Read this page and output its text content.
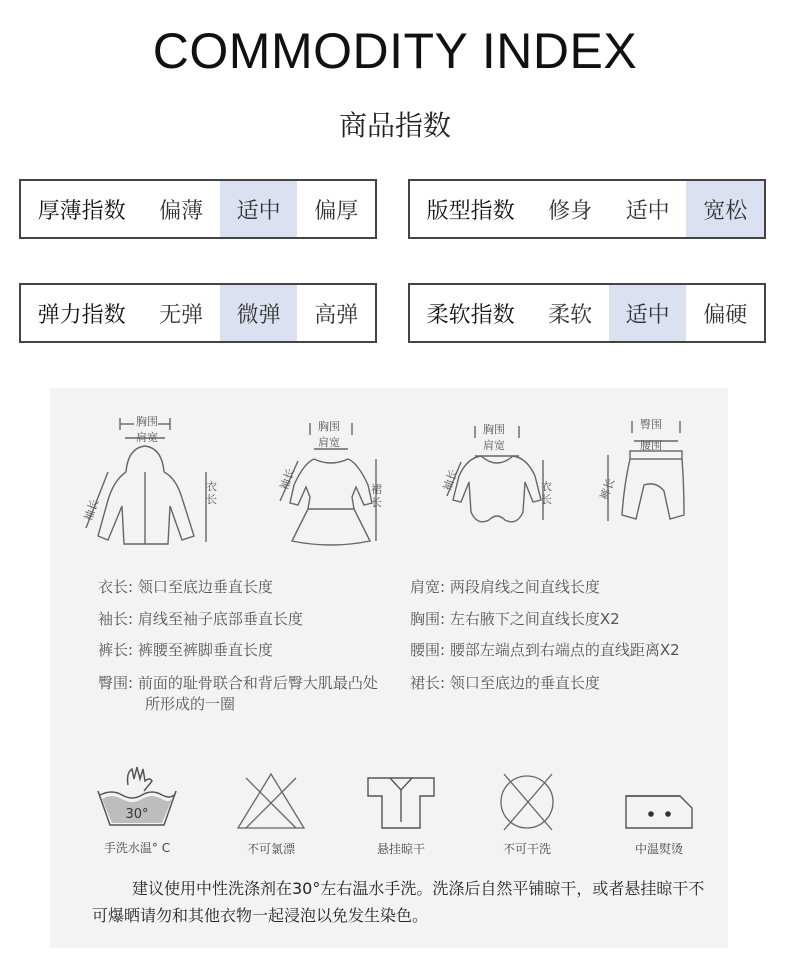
COMMODITY INDEX
商品指数
厚薄指数	偏薄	适中	偏厚	版型指数	修身	适中	宽松
弹力指数	无弹	微弹	高弹	柔软指数	柔软	适中	偏硬
胸围
肩宽
袖长
衣长
胸围
肩宽
袖长	裙长
胸围
肩宽
袖长	衣长
臀围
腰围
裤长
衣长: 领口至底边垂直长度
袖长: 肩线至袖子底部垂直长度
裤长: 裤腰至裤脚垂直长度
臀围: 前面的耻骨联合和背后臀大肌最凸处
所形成的一圈
肩宽: 两段肩线之间直线长度
胸围: 左右腋下之间直线长度X2
腰围: 腰部左端点到右端点的直线距离X2
裙长: 领口至底边的垂直长度
30°
手洗水温° C	不可氯漂	悬挂晾干	不可干洗	中温熨烫
建议使用中性洗涤剂在30°左右温水手洗。洗涤后自然平铺晾干，或者悬挂晾干不可爆晒请勿和其他衣物一起浸泡以免发生染色。
